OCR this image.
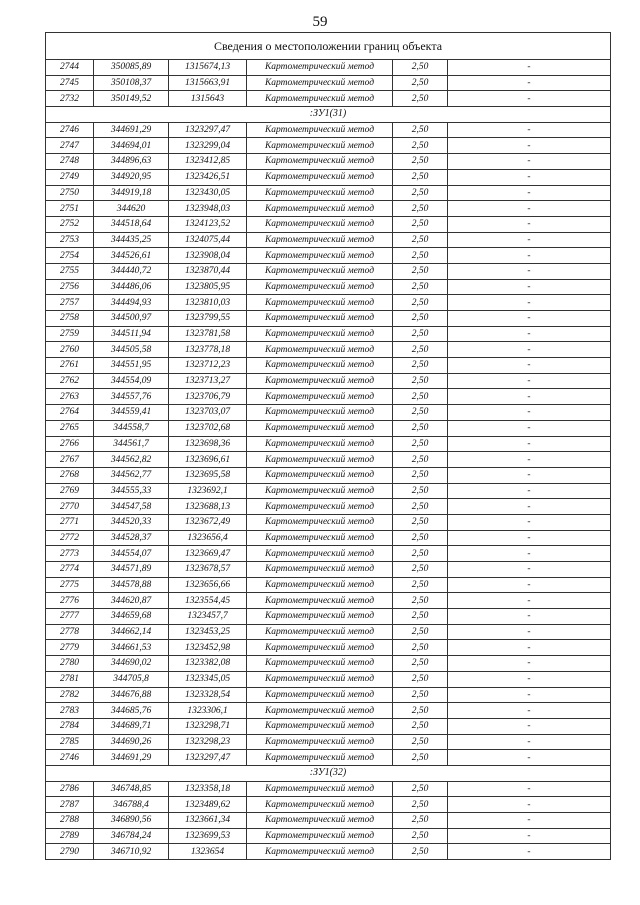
59
Сведения о местоположении границ объекта					
2744	350085,89	1315674,13	Картометрический метод	2,50	-
2745	350108,37	1315663,91	Картометрический метод	2,50	-
2732	350149,52	1315643	Картометрический метод	2,50	-
:ЗУ1(31)					
2746	344691,29	1323297,47	Картометрический метод	2,50	-
2747	344694,01	1323299,04	Картометрический метод	2,50	-
2748	344896,63	1323412,85	Картометрический метод	2,50	-
2749	344920,95	1323426,51	Картометрический метод	2,50	-
2750	344919,18	1323430,05	Картометрический метод	2,50	-
2751	344620	1323948,03	Картометрический метод	2,50	-
2752	344518,64	1324123,52	Картометрический метод	2,50	-
2753	344435,25	1324075,44	Картометрический метод	2,50	-
2754	344526,61	1323908,04	Картометрический метод	2,50	-
2755	344440,72	1323870,44	Картометрический метод	2,50	-
2756	344486,06	1323805,95	Картометрический метод	2,50	-
2757	344494,93	1323810,03	Картометрический метод	2,50	-
2758	344500,97	1323799,55	Картометрический метод	2,50	-
2759	344511,94	1323781,58	Картометрический метод	2,50	-
2760	344505,58	1323778,18	Картометрический метод	2,50	-
2761	344551,95	1323712,23	Картометрический метод	2,50	-
2762	344554,09	1323713,27	Картометрический метод	2,50	-
2763	344557,76	1323706,79	Картометрический метод	2,50	-
2764	344559,41	1323703,07	Картометрический метод	2,50	-
2765	344558,7	1323702,68	Картометрический метод	2,50	-
2766	344561,7	1323698,36	Картометрический метод	2,50	-
2767	344562,82	1323696,61	Картометрический метод	2,50	-
2768	344562,77	1323695,58	Картометрический метод	2,50	-
2769	344555,33	1323692,1	Картометрический метод	2,50	-
2770	344547,58	1323688,13	Картометрический метод	2,50	-
2771	344520,33	1323672,49	Картометрический метод	2,50	-
2772	344528,37	1323656,4	Картометрический метод	2,50	-
2773	344554,07	1323669,47	Картометрический метод	2,50	-
2774	344571,89	1323678,57	Картометрический метод	2,50	-
2775	344578,88	1323656,66	Картометрический метод	2,50	-
2776	344620,87	1323554,45	Картометрический метод	2,50	-
2777	344659,68	1323457,7	Картометрический метод	2,50	-
2778	344662,14	1323453,25	Картометрический метод	2,50	-
2779	344661,53	1323452,98	Картометрический метод	2,50	-
2780	344690,02	1323382,08	Картометрический метод	2,50	-
2781	344705,8	1323345,05	Картометрический метод	2,50	-
2782	344676,88	1323328,54	Картометрический метод	2,50	-
2783	344685,76	1323306,1	Картометрический метод	2,50	-
2784	344689,71	1323298,71	Картометрический метод	2,50	-
2785	344690,26	1323298,23	Картометрический метод	2,50	-
2746	344691,29	1323297,47	Картометрический метод	2,50	-
:ЗУ1(32)					
2786	346748,85	1323358,18	Картометрический метод	2,50	-
2787	346788,4	1323489,62	Картометрический метод	2,50	-
2788	346890,56	1323661,34	Картометрический метод	2,50	-
2789	346784,24	1323699,53	Картометрический метод	2,50	-
2790	346710,92	1323654	Картометрический метод	2,50	-
